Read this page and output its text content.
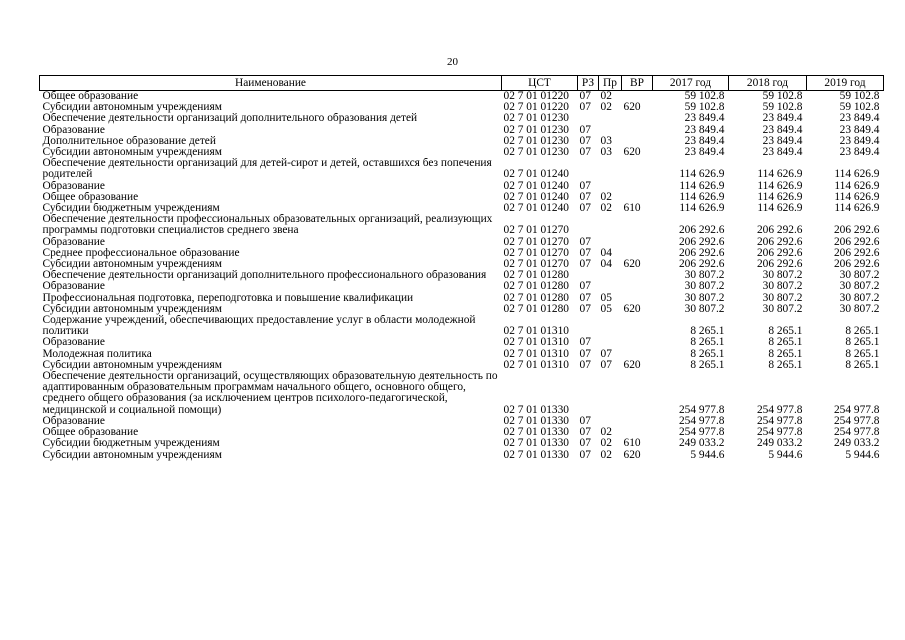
20
Наименование	ЦСТ	РЗ	Пр	ВР	2017 год	2018 год	2019 год
Общее образование	02 7 01 01220	07	02		59 102.8	59 102.8	59 102.8
Субсидии автономным учреждениям	02 7 01 01220	07	02	620	59 102.8	59 102.8	59 102.8
Обеспечение деятельности организаций дополнительного образования детей	02 7 01 01230				23 849.4	23 849.4	23 849.4
Образование	02 7 01 01230	07			23 849.4	23 849.4	23 849.4
Дополнительное образование детей	02 7 01 01230	07	03		23 849.4	23 849.4	23 849.4
Субсидии автономным учреждениям	02 7 01 01230	07	03	620	23 849.4	23 849.4	23 849.4
Обеспечение деятельности организаций для детей-сирот и детей, оставшихся без попечения родителей	02 7 01 01240				114 626.9	114 626.9	114 626.9
Образование	02 7 01 01240	07			114 626.9	114 626.9	114 626.9
Общее образование	02 7 01 01240	07	02		114 626.9	114 626.9	114 626.9
Субсидии бюджетным учреждениям	02 7 01 01240	07	02	610	114 626.9	114 626.9	114 626.9
Обеспечение деятельности профессиональных образовательных организаций, реализующих программы подготовки специалистов среднего звена	02 7 01 01270				206 292.6	206 292.6	206 292.6
Образование	02 7 01 01270	07			206 292.6	206 292.6	206 292.6
Среднее профессиональное образование	02 7 01 01270	07	04		206 292.6	206 292.6	206 292.6
Субсидии автономным учреждениям	02 7 01 01270	07	04	620	206 292.6	206 292.6	206 292.6
Обеспечение деятельности организаций дополнительного профессионального образования	02 7 01 01280				30 807.2	30 807.2	30 807.2
Образование	02 7 01 01280	07			30 807.2	30 807.2	30 807.2
Профессиональная подготовка, переподготовка и повышение квалификации	02 7 01 01280	07	05		30 807.2	30 807.2	30 807.2
Субсидии автономным учреждениям	02 7 01 01280	07	05	620	30 807.2	30 807.2	30 807.2
Содержание учреждений, обеспечивающих предоставление услуг в области молодежной политики	02 7 01 01310				8 265.1	8 265.1	8 265.1
Образование	02 7 01 01310	07			8 265.1	8 265.1	8 265.1
Молодежная политика	02 7 01 01310	07	07		8 265.1	8 265.1	8 265.1
Субсидии автономным учреждениям	02 7 01 01310	07	07	620	8 265.1	8 265.1	8 265.1
Обеспечение деятельности организаций, осуществляющих образовательную деятельность по адаптированным образовательным программам начального общего, основного общего, среднего общего образования (за исключением центров психолого-педагогической, медицинской и социальной помощи)	02 7 01 01330				254 977.8	254 977.8	254 977.8
Образование	02 7 01 01330	07			254 977.8	254 977.8	254 977.8
Общее образование	02 7 01 01330	07	02		254 977.8	254 977.8	254 977.8
Субсидии бюджетным учреждениям	02 7 01 01330	07	02	610	249 033.2	249 033.2	249 033.2
Субсидии автономным учреждениям	02 7 01 01330	07	02	620	5 944.6	5 944.6	5 944.6
